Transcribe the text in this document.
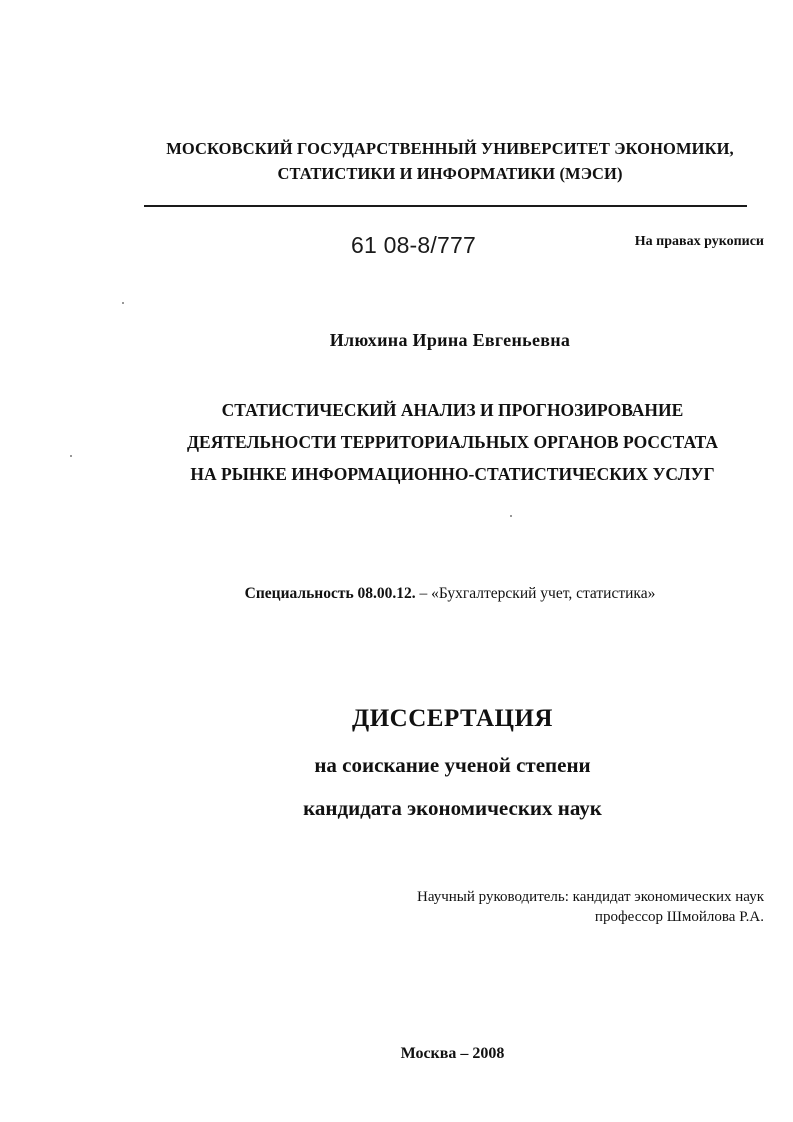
МОСКОВСКИЙ ГОСУДАРСТВЕННЫЙ УНИВЕРСИТЕТ ЭКОНОМИКИ,
СТАТИСТИКИ И ИНФОРМАТИКИ (МЭСИ)
61 08-8/777	На правах рукописи
Илюхина Ирина Евгеньевна
СТАТИСТИЧЕСКИЙ АНАЛИЗ И ПРОГНОЗИРОВАНИЕ
ДЕЯТЕЛЬНОСТИ ТЕРРИТОРИАЛЬНЫХ ОРГАНОВ РОССТАТА
НА РЫНКЕ ИНФОРМАЦИОННО-СТАТИСТИЧЕСКИХ УСЛУГ
Специальность 08.00.12. – «Бухгалтерский учет, статистика»
ДИССЕРТАЦИЯ
на соискание ученой степени
кандидата экономических наук
Научный руководитель: кандидат экономических наук
профессор Шмойлова Р.А.
Москва – 2008
